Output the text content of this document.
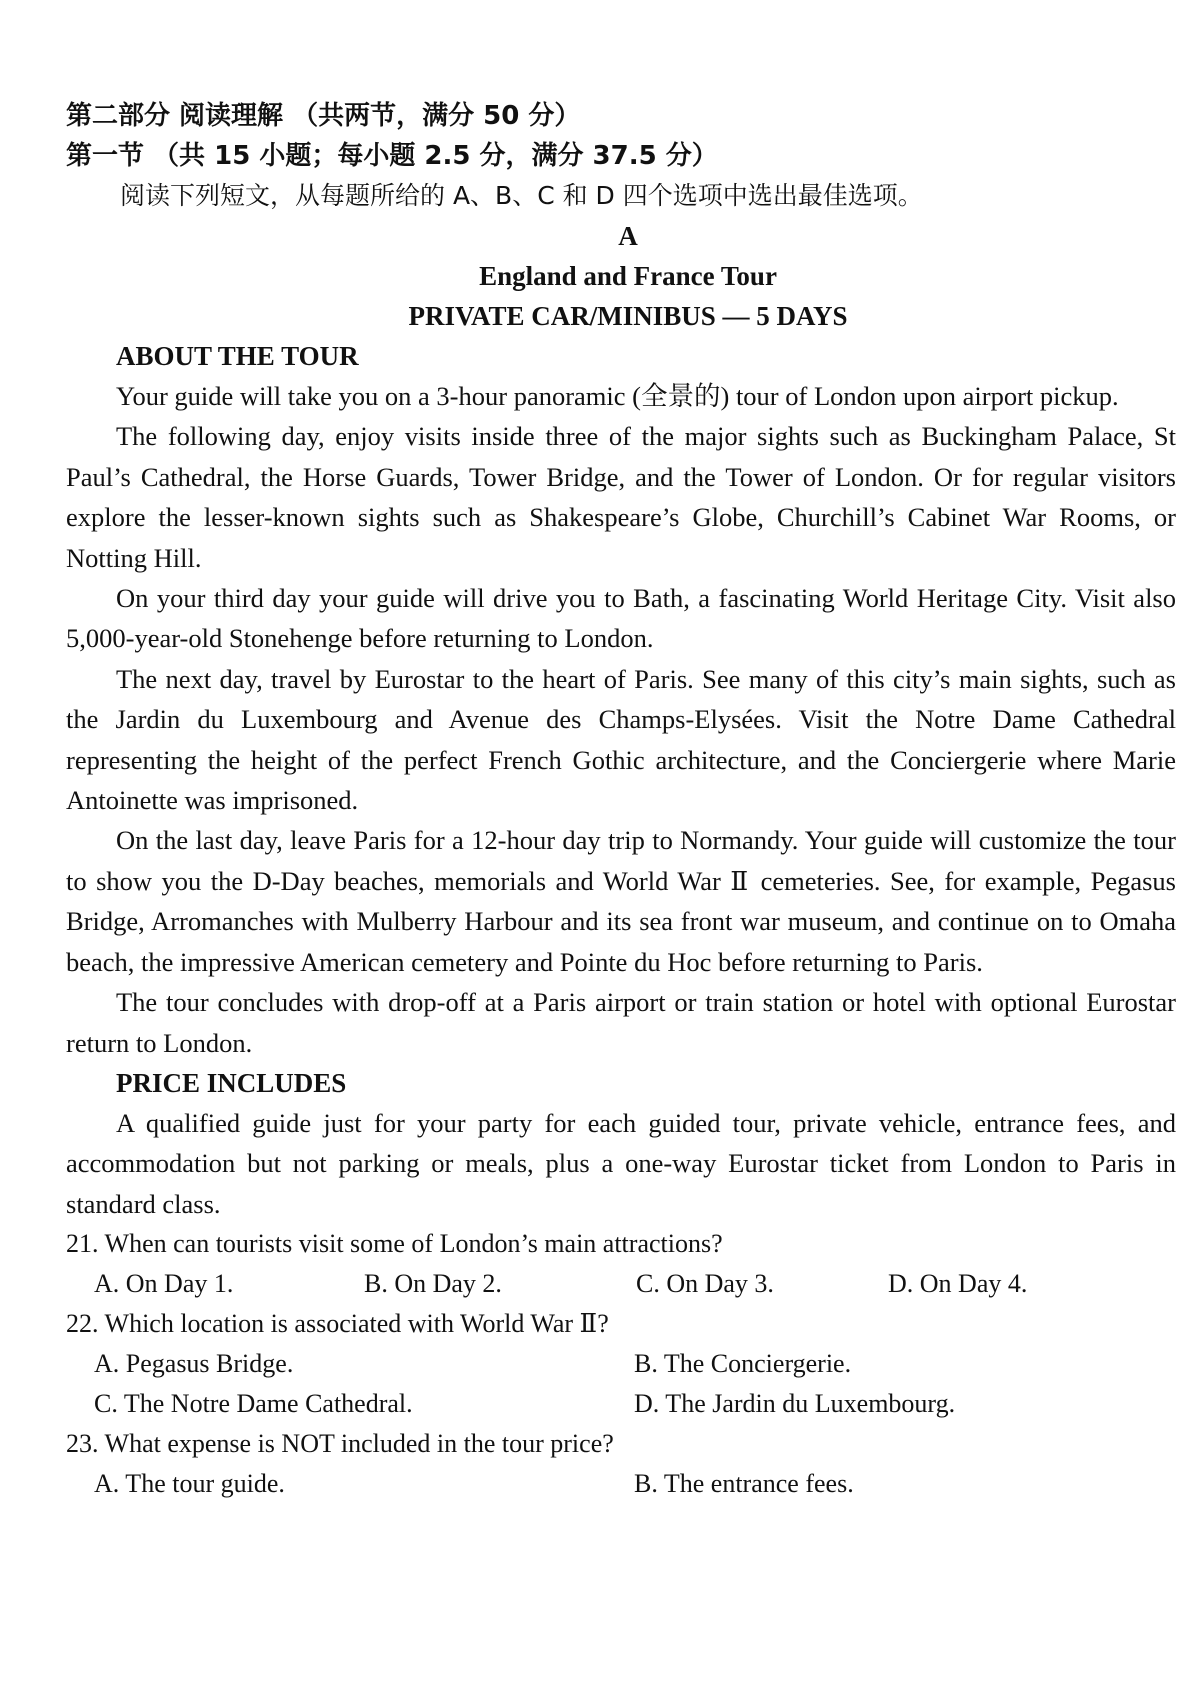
第二部分 阅读理解 （共两节，满分 50 分）

第一节 （共 15 小题；每小题 2.5 分，满分 37.5 分）

阅读下列短文，从每题所给的 A、B、C 和 D 四个选项中选出最佳选项。

A

England and France Tour

PRIVATE CAR/MINIBUS — 5 DAYS

ABOUT THE TOUR

Your guide will take you on a 3-hour panoramic (全景的) tour of London upon airport pickup.

The following day, enjoy visits inside three of the major sights such as Buckingham Palace, St Paul’s Cathedral, the Horse Guards, Tower Bridge, and the Tower of London. Or for regular visitors explore the lesser-known sights such as Shakespeare’s Globe, Churchill’s Cabinet War Rooms, or Notting Hill.

On your third day your guide will drive you to Bath, a fascinating World Heritage City. Visit also 5,000-year-old Stonehenge before returning to London.

The next day, travel by Eurostar to the heart of Paris. See many of this city’s main sights, such as the Jardin du Luxembourg and Avenue des Champs-Elysées. Visit the Notre Dame Cathedral representing the height of the perfect French Gothic architecture, and the Conciergerie where Marie Antoinette was imprisoned.

On the last day, leave Paris for a 12-hour day trip to Normandy. Your guide will customize the tour to show you the D-Day beaches, memorials and World War Ⅱ cemeteries. See, for example, Pegasus Bridge, Arromanches with Mulberry Harbour and its sea front war museum, and continue on to Omaha beach, the impressive American cemetery and Pointe du Hoc before returning to Paris.

The tour concludes with drop-off at a Paris airport or train station or hotel with optional Eurostar return to London.

PRICE INCLUDES

A qualified guide just for your party for each guided tour, private vehicle, entrance fees, and accommodation but not parking or meals, plus a one-way Eurostar ticket from London to Paris in standard class.

21. When can tourists visit some of London’s main attractions?

A. On Day 1.	B. On Day 2.	C. On Day 3.	D. On Day 4.

22. Which location is associated with World War Ⅱ?

A. Pegasus Bridge.	B. The Conciergerie.
C. The Notre Dame Cathedral.	D. The Jardin du Luxembourg.

23. What expense is NOT included in the tour price?

A. The tour guide.	B. The entrance fees.
